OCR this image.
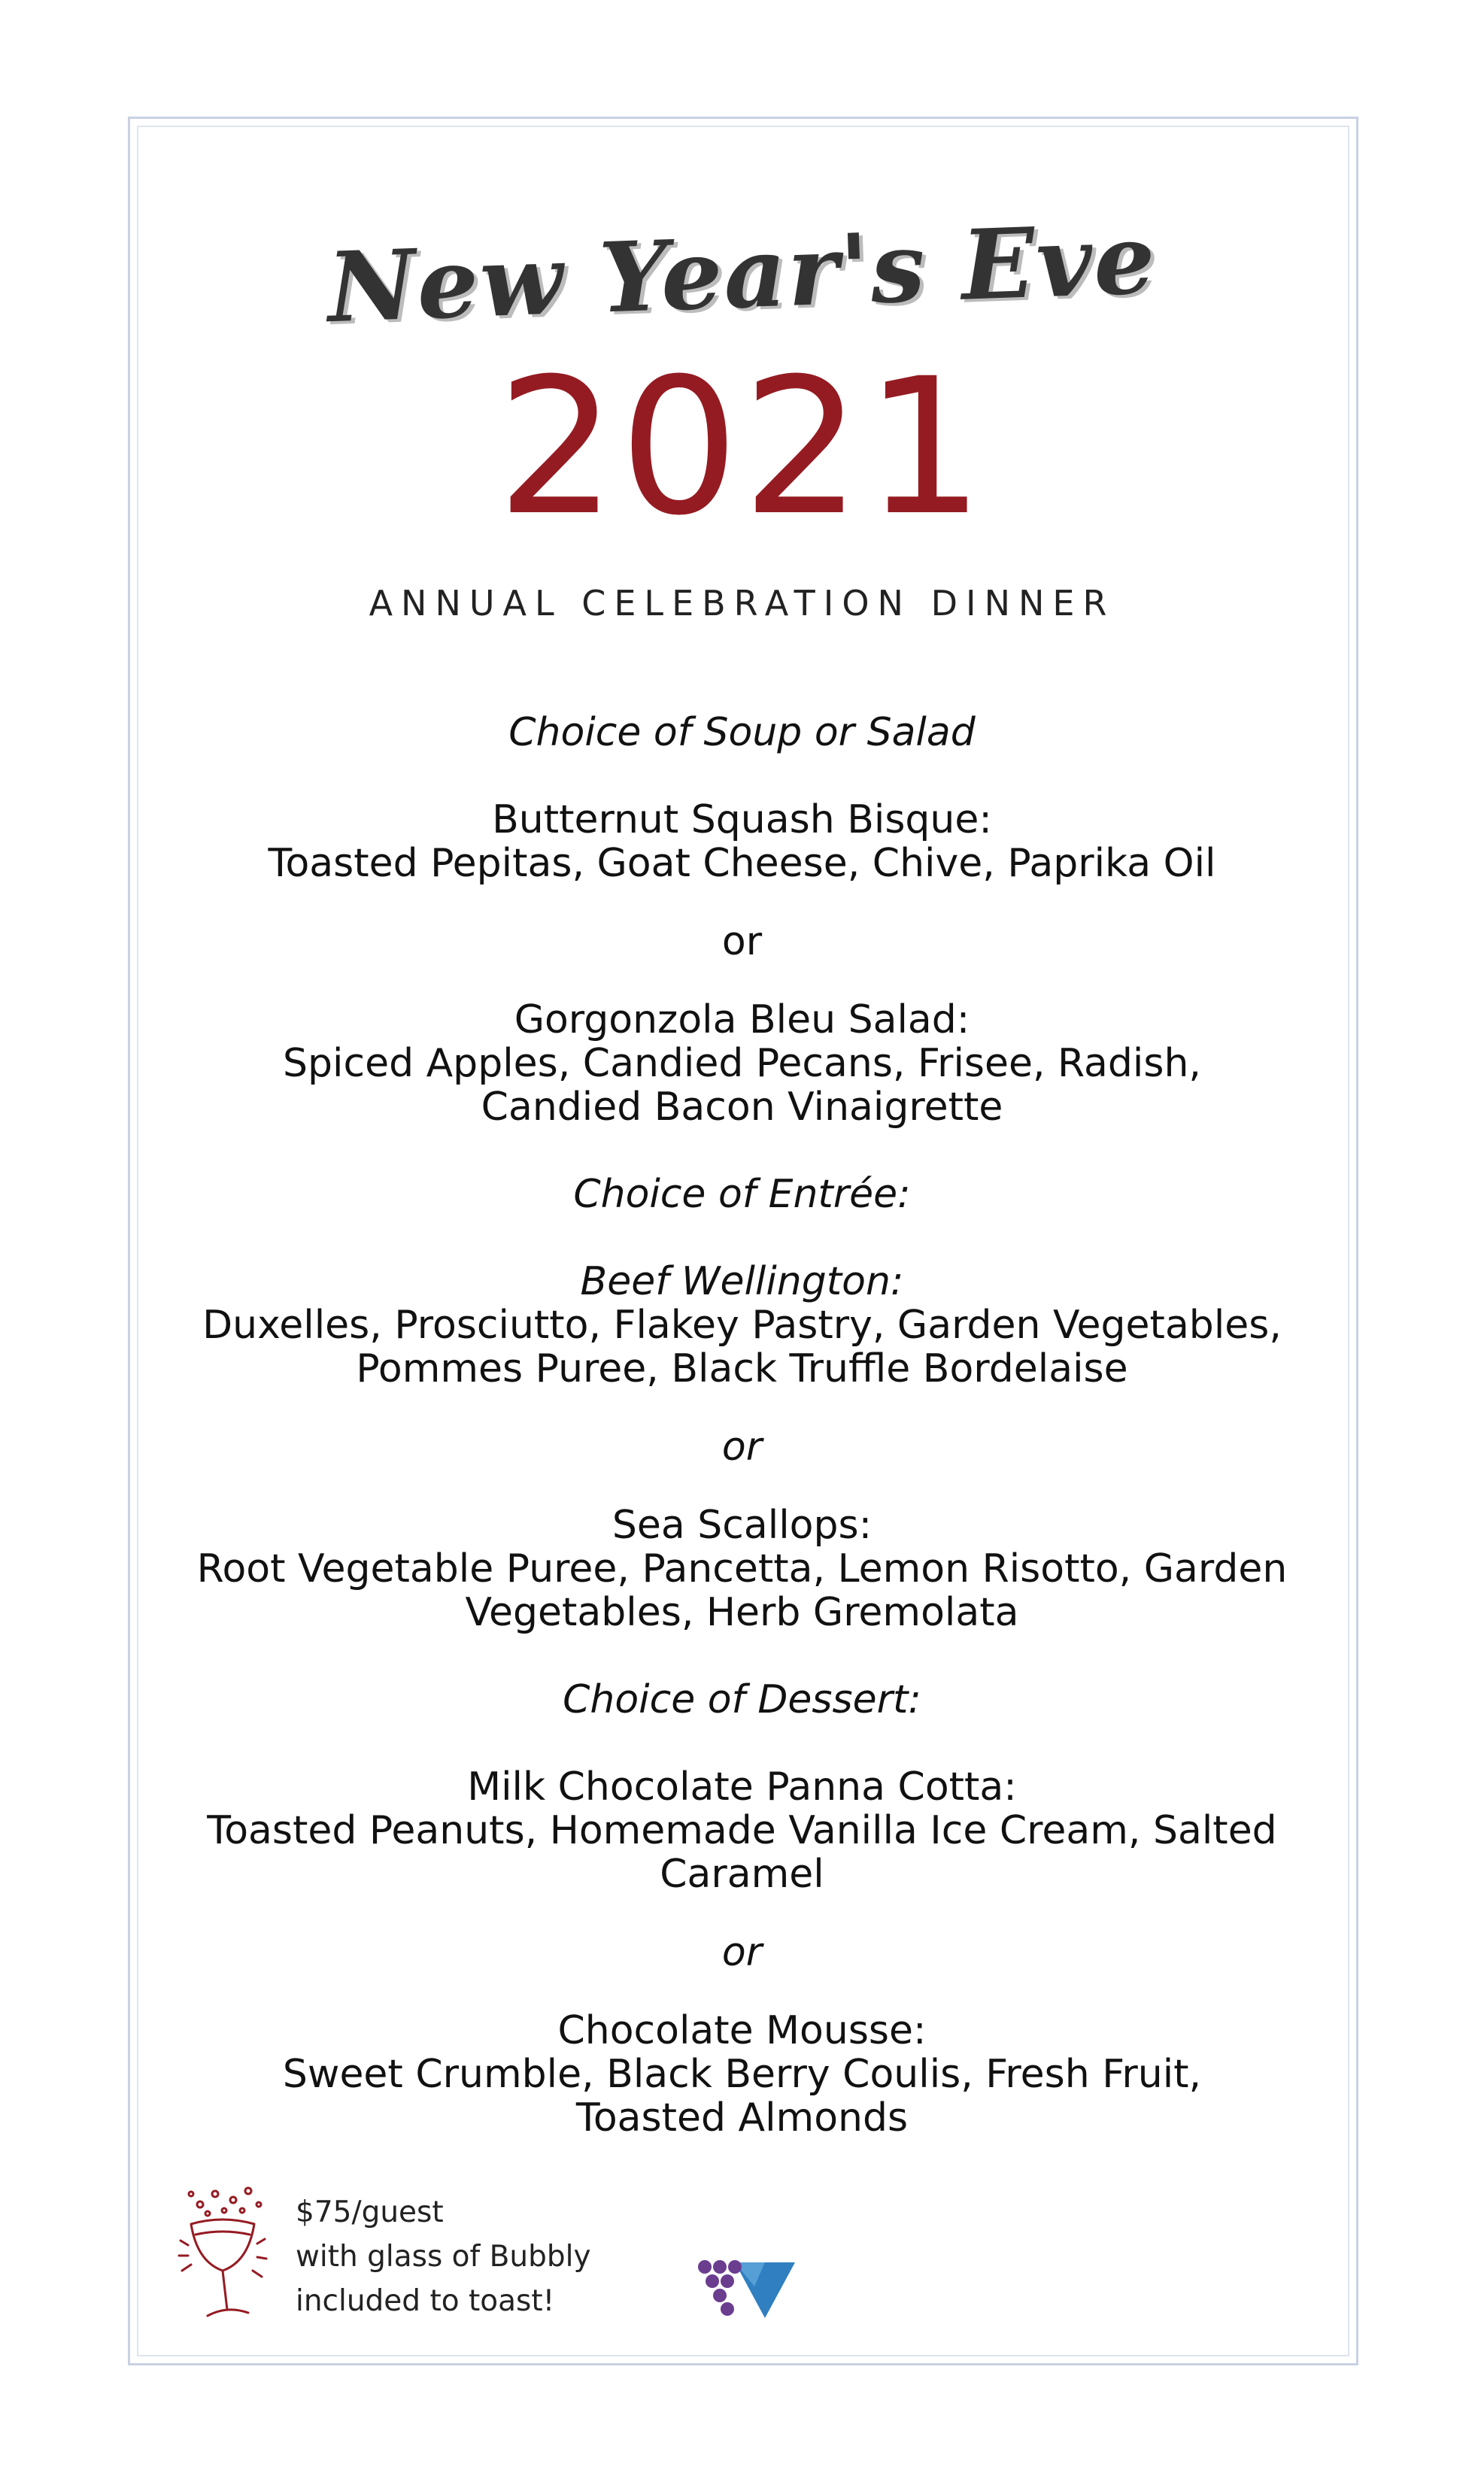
New Year's Eve
2021
ANNUAL CELEBRATION DINNER
Choice of Soup or Salad
Butternut Squash Bisque:
Toasted Pepitas, Goat Cheese, Chive, Paprika Oil
or
Gorgonzola Bleu Salad:
Spiced Apples, Candied Pecans, Frisee, Radish,
Candied Bacon Vinaigrette
Choice of Entrée:
Beef Wellington:
Duxelles, Prosciutto, Flakey Pastry, Garden Vegetables,
Pommes Puree, Black Truffle Bordelaise
or
Sea Scallops:
Root Vegetable Puree, Pancetta, Lemon Risotto, Garden
Vegetables, Herb Gremolata
Choice of Dessert:
Milk Chocolate Panna Cotta:
Toasted Peanuts, Homemade Vanilla Ice Cream, Salted Caramel
or
Chocolate Mousse:
Sweet Crumble, Black Berry Coulis, Fresh Fruit,
Toasted Almonds
$75/guest
with glass of Bubbly
included to toast!
